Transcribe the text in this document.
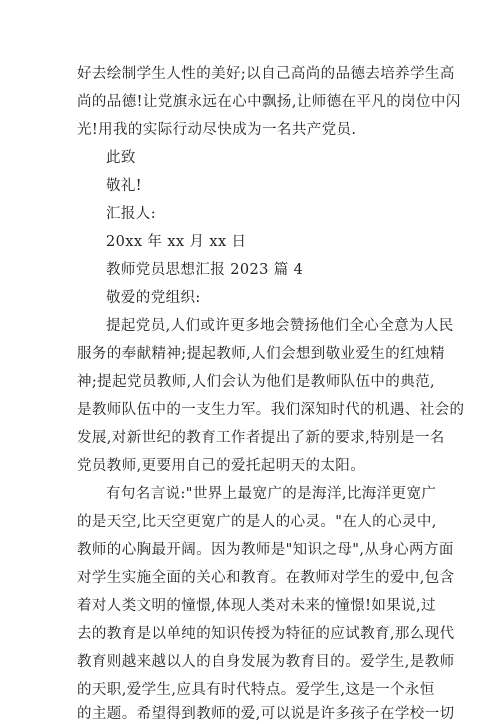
好去绘制学生人性的美好;以自己高尚的品德去培养学生高
尚的品德!让党旗永远在心中飘扬,让师德在平凡的岗位中闪
光!用我的实际行动尽快成为一名共产党员.
此致
敬礼!
汇报人:
20xx 年 xx 月 xx 日
教师党员思想汇报 2023 篇 4
敬爱的党组织:
提起党员,人们或许更多地会赞扬他们全心全意为人民
服务的奉献精神;提起教师,人们会想到敬业爱生的红烛精
神;提起党员教师,人们会认为他们是教师队伍中的典范,
是教师队伍中的一支生力军。我们深知时代的机遇、社会的
发展,对新世纪的教育工作者提出了新的要求,特别是一名
党员教师,更要用自己的爱托起明天的太阳。
有句名言说:"世界上最宽广的是海洋,比海洋更宽广
的是天空,比天空更宽广的是人的心灵。"在人的心灵中,
教师的心胸最开阔。因为教师是"知识之母",从身心两方面
对学生实施全面的关心和教育。在教师对学生的爱中,包含
着对人类文明的憧憬,体现人类对未来的憧憬!如果说,过
去的教育是以单纯的知识传授为特征的应试教育,那么现代
教育则越来越以人的自身发展为教育目的。爱学生,是教师
的天职,爱学生,应具有时代特点。爱学生,这是一个永恒
的主题。希望得到教师的爱,可以说是许多孩子在学校一切
